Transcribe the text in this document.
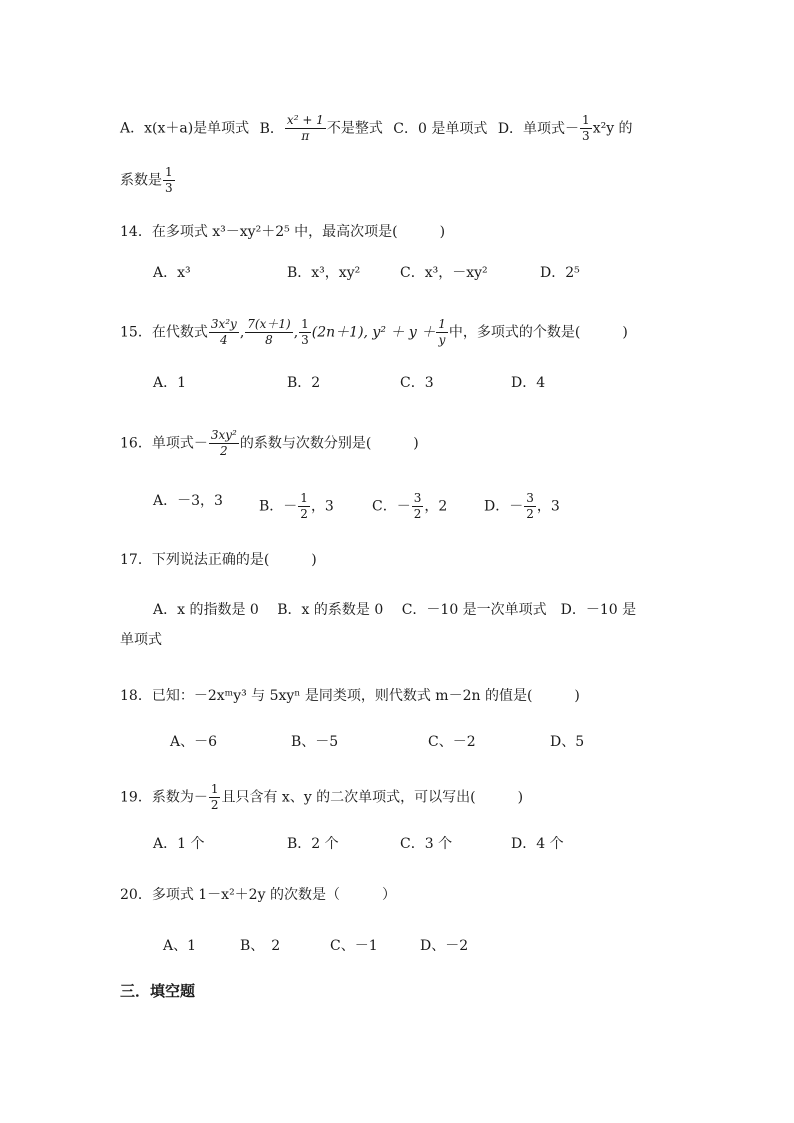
A．x(x＋a)是单项式 B． $\frac{\text{x² + 1}}{\pi}$ 不是整式 C．0 是单项式 D．单项式－ $\frac{1}{3} x^2y$ 的
系数是 $\frac{1}{3}$
14．在多项式 x³－xy²＋2⁵ 中，最高次项是(　　　)
A．x³	B．x³，xy²	C．x³，－xy²	D．2⁵
15．在代数式 $\frac{\text{3x²y}}{4}$ , $\frac{7(x+1)}{8}$ , $\frac{1}{3} (2n+1)$, $y^2 + y + \frac{1}{y}$ 中，多项式的个数是(　　　)
A．1	B．2	C．3	D．4
16．单项式－ $\frac{\text{3xy²}}{2}$ 的系数与次数分别是(　　　)
A．－3，3	B．－ $\frac{1}{2}$ ，3	C．－ $\frac{3}{2}$ ，2	D．－ $\frac{3}{2}$ ，3
17．下列说法正确的是(　　　)
A．x 的指数是 0　 B．x 的系数是 0　 C．－10 是一次单项式　D．－10 是
单项式
18．已知：－2xᵐy³ 与 5xyⁿ 是同类项，则代数式 m－2n 的值是(　　　)
A、－6	B、－5	C、－2	D、5
19．系数为－ $\frac{1}{2}$ 且只含有 x、y 的二次单项式，可以写出(　　　)
A．1 个	B．2 个	C．3 个	D．4 个
20．多项式 1－x²＋2y 的次数是（　　　）
A、1	B、　2	C、－1	D、－2
三．填空题
